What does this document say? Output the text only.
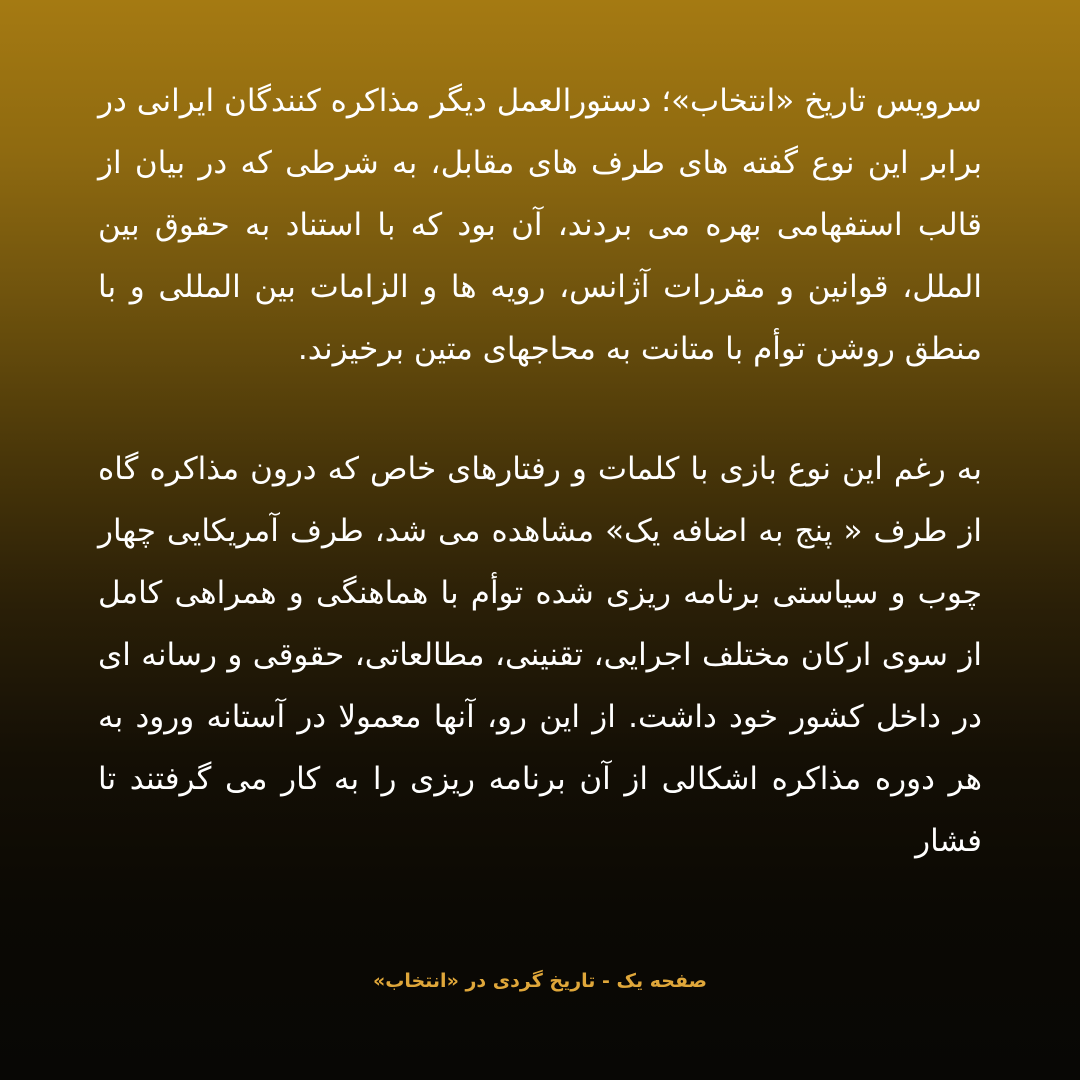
سرویس تاریخ «انتخاب»؛ دستورالعمل دیگر مذاکره کنندگان ایرانی در برابر این نوع گفته های طرف های مقابل، به شرطی که در بیان از قالب استفهامی بهره می بردند، آن بود که با استناد به حقوق بین الملل، قوانین و مقررات آژانس، رویه ها و الزامات بین المللی و با منطق روشن توأم با متانت به محاجهای متین برخیزند.

به رغم این نوع بازی با کلمات و رفتارهای خاص که درون مذاکره گاه از طرف « پنج به اضافه یک» مشاهده می شد، طرف آمریکایی چهار چوب و سیاستی برنامه ریزی شده توأم با هماهنگی و همراهی کامل از سوی ارکان مختلف اجرایی، تقنینی، مطالعاتی، حقوقی و رسانه ای در داخل کشور خود داشت. از این رو، آنها معمولا در آستانه ورود به هر دوره مذاکره اشکالی از آن برنامه ریزی را به کار می گرفتند تا فشار

صفحه یک - تاریخ گردی در «انتخاب»
